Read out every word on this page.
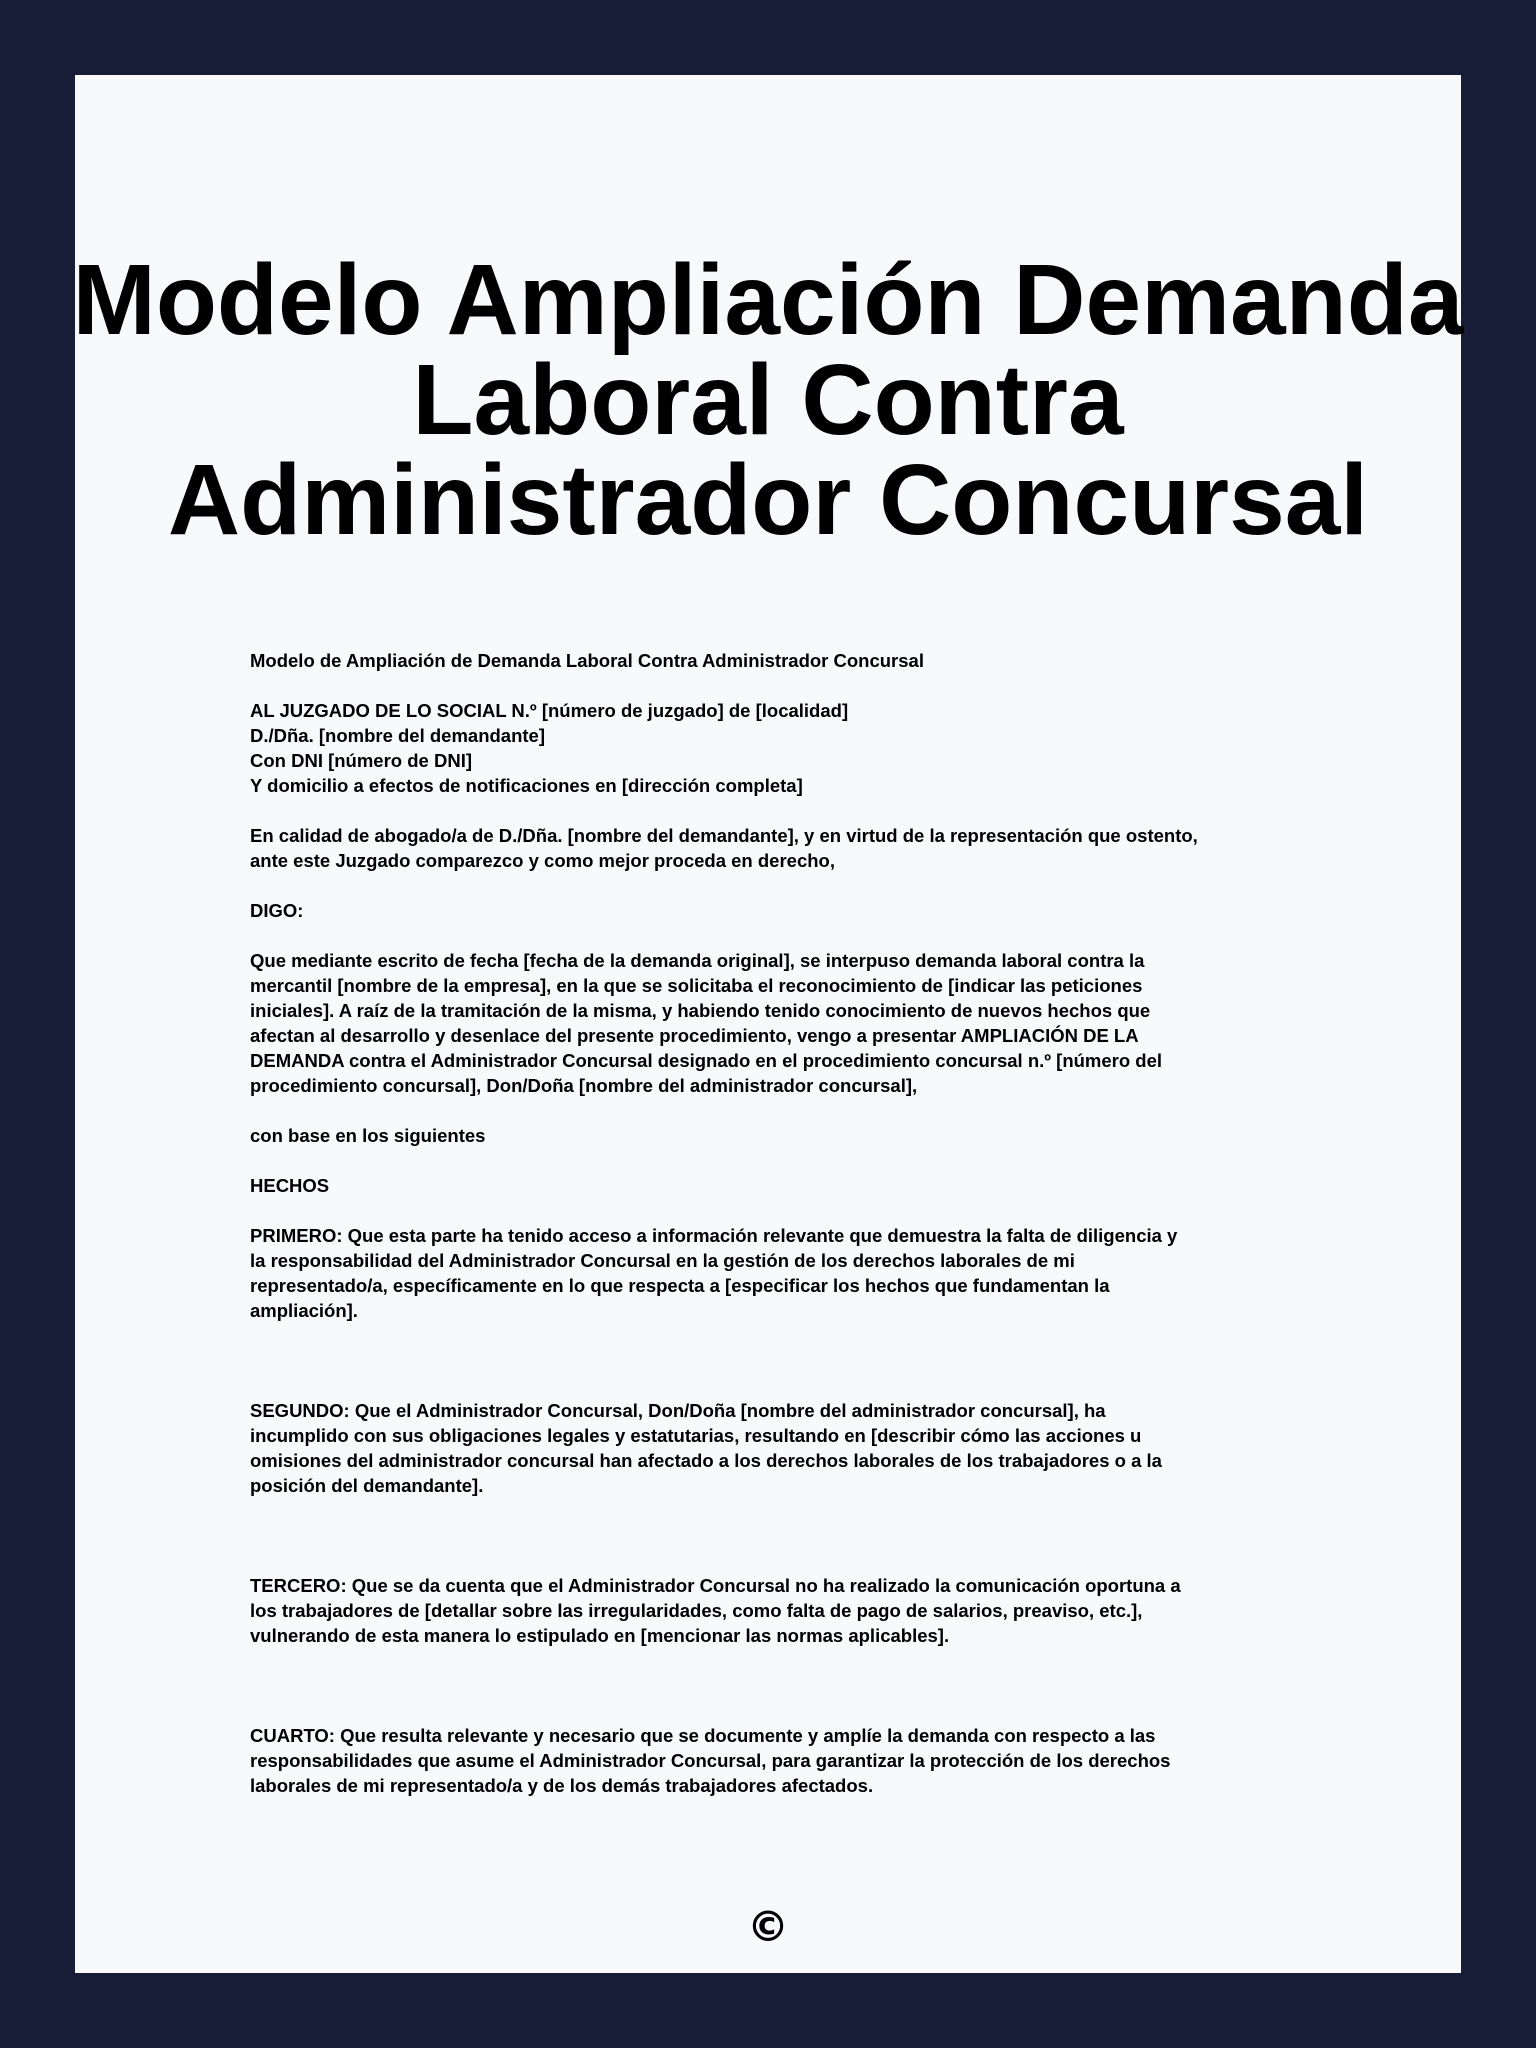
Modelo Ampliación Demanda
Laboral Contra
Administrador Concursal

Modelo de Ampliación de Demanda Laboral Contra Administrador Concursal

AL JUZGADO DE LO SOCIAL N.º [número de juzgado] de [localidad]

D./Dña. [nombre del demandante]

Con DNI [número de DNI]

Y domicilio a efectos de notificaciones en [dirección completa]

En calidad de abogado/a de D./Dña. [nombre del demandante], y en virtud de la representación que ostento,

ante este Juzgado comparezco y como mejor proceda en derecho,

DIGO:

Que mediante escrito de fecha [fecha de la demanda original], se interpuso demanda laboral contra la

mercantil [nombre de la empresa], en la que se solicitaba el reconocimiento de [indicar las peticiones

iniciales]. A raíz de la tramitación de la misma, y habiendo tenido conocimiento de nuevos hechos que

afectan al desarrollo y desenlace del presente procedimiento, vengo a presentar AMPLIACIÓN DE LA

DEMANDA contra el Administrador Concursal designado en el procedimiento concursal n.º [número del

procedimiento concursal], Don/Doña [nombre del administrador concursal],

con base en los siguientes

HECHOS

PRIMERO: Que esta parte ha tenido acceso a información relevante que demuestra la falta de diligencia y

la responsabilidad del Administrador Concursal en la gestión de los derechos laborales de mi

representado/a, específicamente en lo que respecta a [especificar los hechos que fundamentan la

ampliación].

SEGUNDO: Que el Administrador Concursal, Don/Doña [nombre del administrador concursal], ha

incumplido con sus obligaciones legales y estatutarias, resultando en [describir cómo las acciones u

omisiones del administrador concursal han afectado a los derechos laborales de los trabajadores o a la

posición del demandante].

TERCERO: Que se da cuenta que el Administrador Concursal no ha realizado la comunicación oportuna a

los trabajadores de [detallar sobre las irregularidades, como falta de pago de salarios, preaviso, etc.],

vulnerando de esta manera lo estipulado en [mencionar las normas aplicables].

CUARTO: Que resulta relevante y necesario que se documente y amplíe la demanda con respecto a las

responsabilidades que asume el Administrador Concursal, para garantizar la protección de los derechos

laborales de mi representado/a y de los demás trabajadores afectados.

©
